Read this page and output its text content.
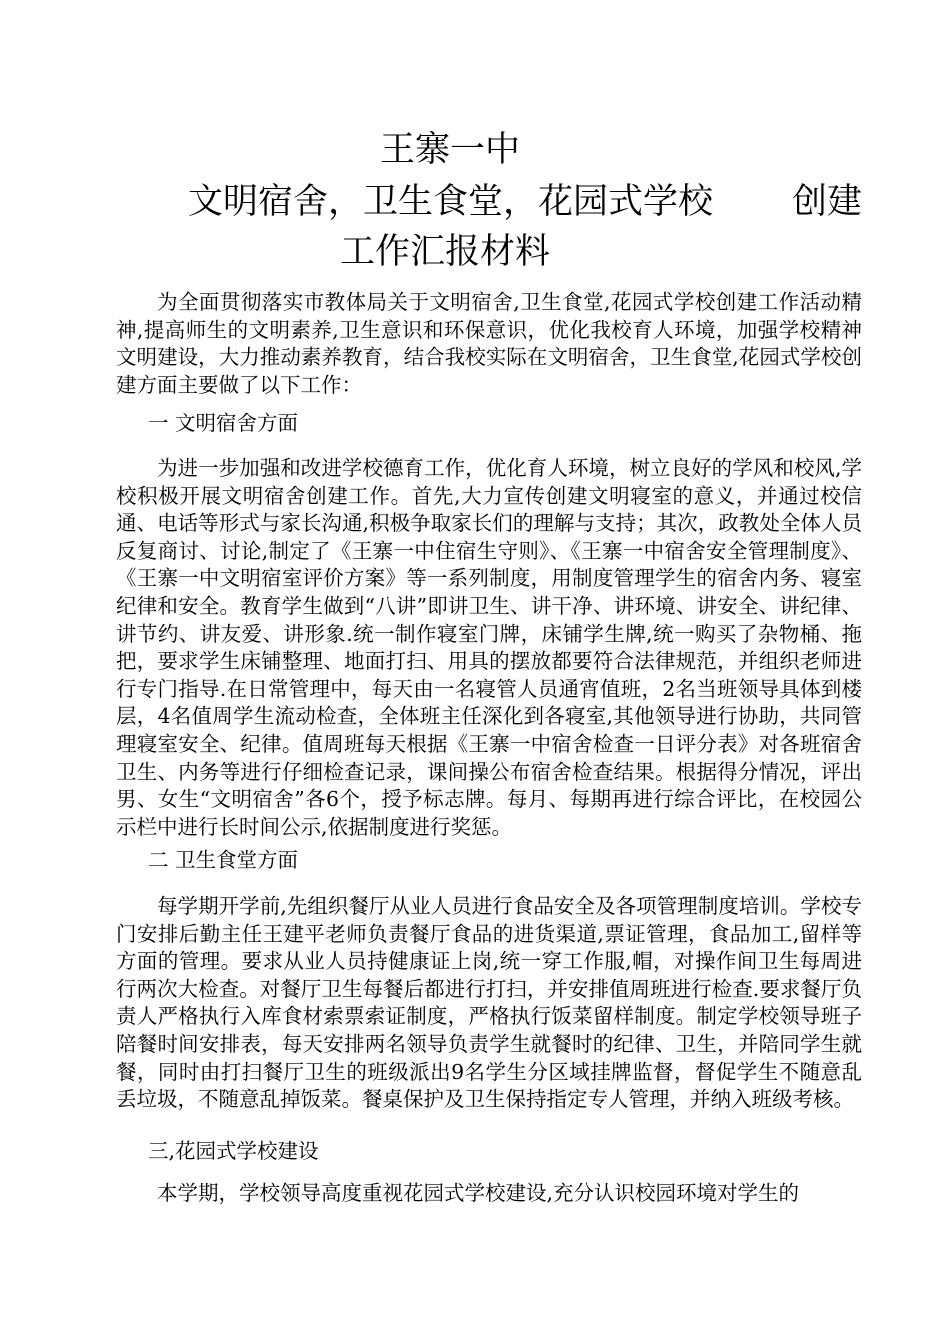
王寨一中
文明宿舍，卫生食堂，花园式学校 创建
工作汇报材料

为全面贯彻落实市教体局关于文明宿舍,卫生食堂,花园式学校创建工作活动精神,提高师生的文明素养,卫生意识和环保意识，优化我校育人环境，加强学校精神文明建设，大力推动素养教育，结合我校实际在文明宿舍，卫生食堂,花园式学校创建方面主要做了以下工作：

一 文明宿舍方面

为进一步加强和改进学校德育工作，优化育人环境，树立良好的学风和校风,学校积极开展文明宿舍创建工作。首先,大力宣传创建文明寝室的意义，并通过校信通、电话等形式与家长沟通,积极争取家长们的理解与支持；其次，政教处全体人员反复商讨、讨论,制定了《王寨一中住宿生守则》、《王寨一中宿舍安全管理制度》、《王寨一中文明宿室评价方案》等一系列制度，用制度管理学生的宿舍内务、寝室纪律和安全。教育学生做到“八讲”即讲卫生、讲干净、讲环境、讲安全、讲纪律、讲节约、讲友爱、讲形象.统一制作寝室门牌，床铺学生牌,统一购买了杂物桶、拖把，要求学生床铺整理、地面打扫、用具的摆放都要符合法律规范，并组织老师进行专门指导.在日常管理中，每天由一名寝管人员通宵值班，2名当班领导具体到楼层，4名值周学生流动检查，全体班主任深化到各寝室,其他领导进行协助，共同管理寝室安全、纪律。值周班每天根据《王寨一中宿舍检查一日评分表》对各班宿舍卫生、内务等进行仔细检查记录，课间操公布宿舍检查结果。根据得分情况，评出男、女生“文明宿舍”各6个，授予标志牌。每月、每期再进行综合评比，在校园公示栏中进行长时间公示,依据制度进行奖惩。

二 卫生食堂方面

每学期开学前,先组织餐厅从业人员进行食品安全及各项管理制度培训。学校专门安排后勤主任王建平老师负责餐厅食品的进货渠道,票证管理，食品加工,留样等方面的管理。要求从业人员持健康证上岗,统一穿工作服,帽，对操作间卫生每周进行两次大检查。对餐厅卫生每餐后都进行打扫，并安排值周班进行检查.要求餐厅负责人严格执行入库食材索票索证制度，严格执行饭菜留样制度。制定学校领导班子陪餐时间安排表，每天安排两名领导负责学生就餐时的纪律、卫生，并陪同学生就餐，同时由打扫餐厅卫生的班级派出9名学生分区域挂牌监督，督促学生不随意乱丢垃圾，不随意乱掉饭菜。餐桌保护及卫生保持指定专人管理，并纳入班级考核。

三,花园式学校建设

本学期，学校领导高度重视花园式学校建设,充分认识校园环境对学生的
